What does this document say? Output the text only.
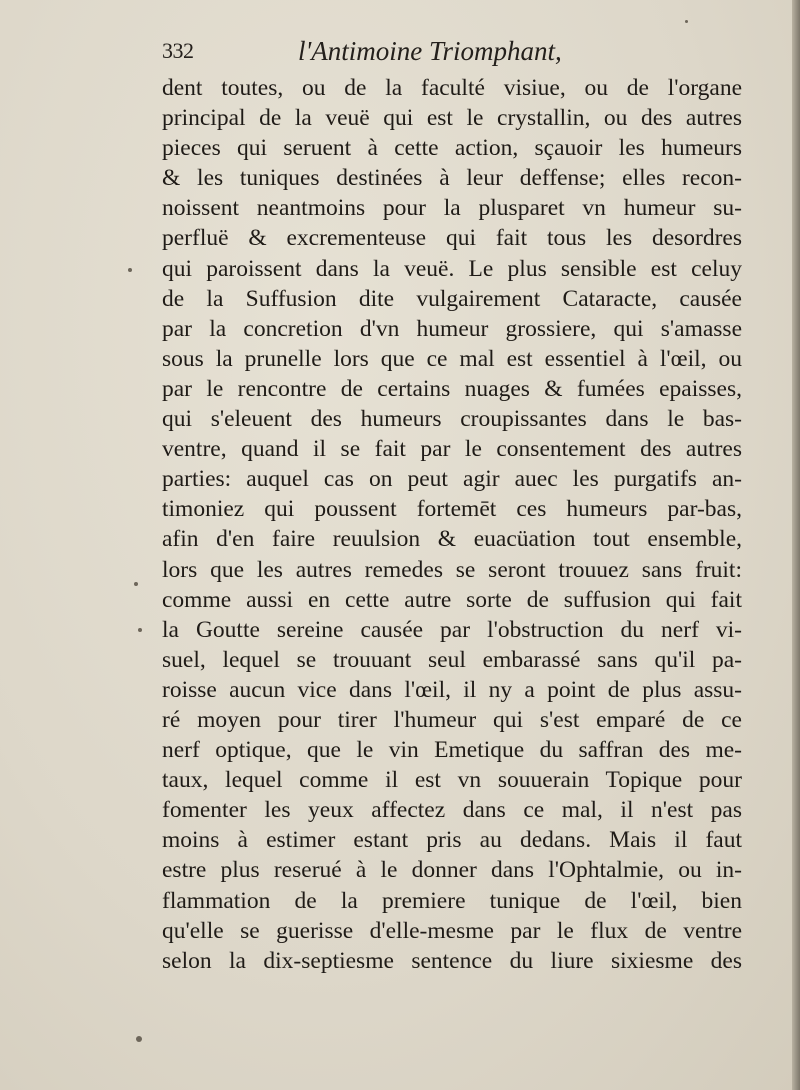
332	l'Antimoine Triomphant,
dent toutes, ou de la faculté visiue, ou de l'organe
principal de la veuë qui est le crystallin, ou des autres
pieces qui seruent à cette action, sçauoir les humeurs
& les tuniques destinées à leur deffense; elles recon-
noissent neantmoins pour la plusparet vn humeur su-
perfluë & excrementeuse qui fait tous les desordres
qui paroissent dans la veuë. Le plus sensible est celuy
de la Suffusion dite vulgairement Cataracte, causée
par la concretion d'vn humeur grossiere, qui s'amasse
sous la prunelle lors que ce mal est essentiel à l'œil, ou
par le rencontre de certains nuages & fumées epaisses,
qui s'eleuent des humeurs croupissantes dans le bas-
ventre, quand il se fait par le consentement des autres
parties: auquel cas on peut agir auec les purgatifs an-
timoniez qui poussent fortemēt ces humeurs par-bas,
afin d'en faire reuulsion & euacüation tout ensemble,
lors que les autres remedes se seront trouuez sans fruit:
comme aussi en cette autre sorte de suffusion qui fait
la Goutte sereine causée par l'obstruction du nerf vi-
suel, lequel se trouuant seul embarassé sans qu'il pa-
roisse aucun vice dans l'œil, il ny a point de plus assu-
ré moyen pour tirer l'humeur qui s'est emparé de ce
nerf optique, que le vin Emetique du saffran des me-
taux, lequel comme il est vn souuerain Topique pour
fomenter les yeux affectez dans ce mal, il n'est pas
moins à estimer estant pris au dedans. Mais il faut
estre plus reserué à le donner dans l'Ophtalmie, ou in-
flammation de la premiere tunique de l'œil, bien
qu'elle se guerisse d'elle-mesme par le flux de ventre
selon la dix-septiesme sentence du liure sixiesme des
